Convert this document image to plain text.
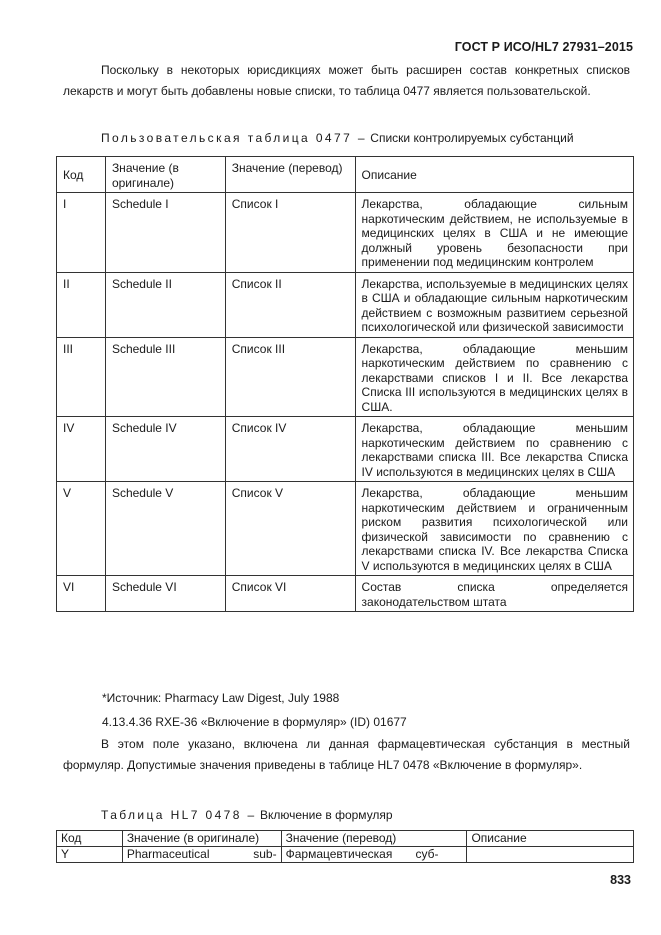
ГОСТ Р ИСО/HL7 27931–2015
Поскольку в некоторых юрисдикциях может быть расширен состав конкретных списков лекарств и могут быть добавлены новые списки, то таблица 0477 является пользовательской.
Пользовательская таблица 0477 – Списки контролируемых субстанций
Код	Значение (в оригинале)	Значение (перевод)	Описание
I	Schedule I	Список I	Лекарства, обладающие сильным наркотическим действием, не используемые в медицинских целях в США и не имеющие должный уровень безопасности при применении под медицинским контролем
II	Schedule II	Список II	Лекарства, используемые в медицинских целях в США и обладающие сильным наркотическим действием с возможным развитием серьезной психологической или физической зависимости
III	Schedule III	Список III	Лекарства, обладающие меньшим наркотическим действием по сравнению с лекарствами списков I и II. Все лекарства Списка III используются в медицинских целях в США.
IV	Schedule IV	Список IV	Лекарства, обладающие меньшим наркотическим действием по сравнению с лекарствами списка III. Все лекарства Списка IV используются в медицинских целях в США
V	Schedule V	Список V	Лекарства, обладающие меньшим наркотическим действием и ограниченным риском развития психологической или физической зависимости по сравнению с лекарствами списка IV. Все лекарства Списка V используются в медицинских целях в США
VI	Schedule VI	Список VI	Состав списка определяется законодательством штата
*Источник: Pharmacy Law Digest, July 1988
4.13.4.36 RXE-36 «Включение в формуляр» (ID) 01677
В этом поле указано, включена ли данная фармацевтическая субстанция в местный формуляр. Допустимые значения приведены в таблице HL7 0478 «Включение в формуляр».
Таблица HL7 0478 – Включение в формуляр
Код	Значение (в оригинале)	Значение (перевод)	Описание
Y	Pharmaceutical sub-	Фармацевтическая суб-	

833
